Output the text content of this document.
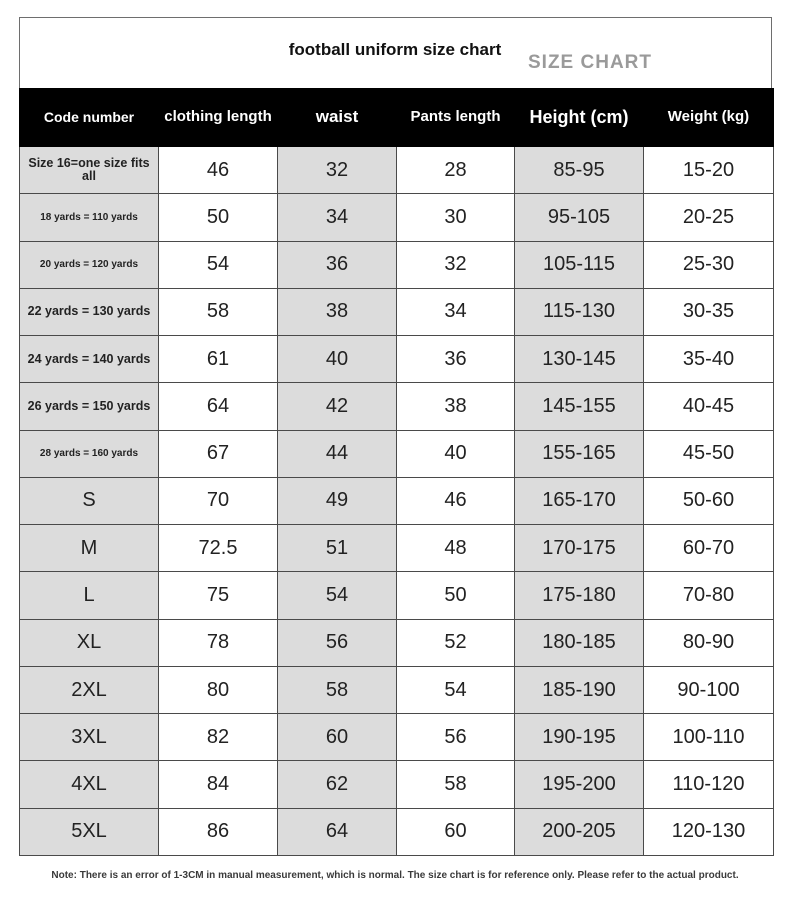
football uniform size chart
SIZE CHART
Code number	clothing length	waist	Pants length	Height (cm)	Weight (kg)
Size 16=one size fits all	46	32	28	85-95	15-20
18 yards = 110 yards	50	34	30	95-105	20-25
20 yards = 120 yards	54	36	32	105-115	25-30
22 yards = 130 yards	58	38	34	115-130	30-35
24 yards = 140 yards	61	40	36	130-145	35-40
26 yards = 150 yards	64	42	38	145-155	40-45
28 yards = 160 yards	67	44	40	155-165	45-50
S	70	49	46	165-170	50-60
M	72.5	51	48	170-175	60-70
L	75	54	50	175-180	70-80
XL	78	56	52	180-185	80-90
2XL	80	58	54	185-190	90-100
3XL	82	60	56	190-195	100-110
4XL	84	62	58	195-200	110-120
5XL	86	64	60	200-205	120-130
Note: There is an error of 1-3CM in manual measurement, which is normal. The size chart is for reference only. Please refer to the actual product.
